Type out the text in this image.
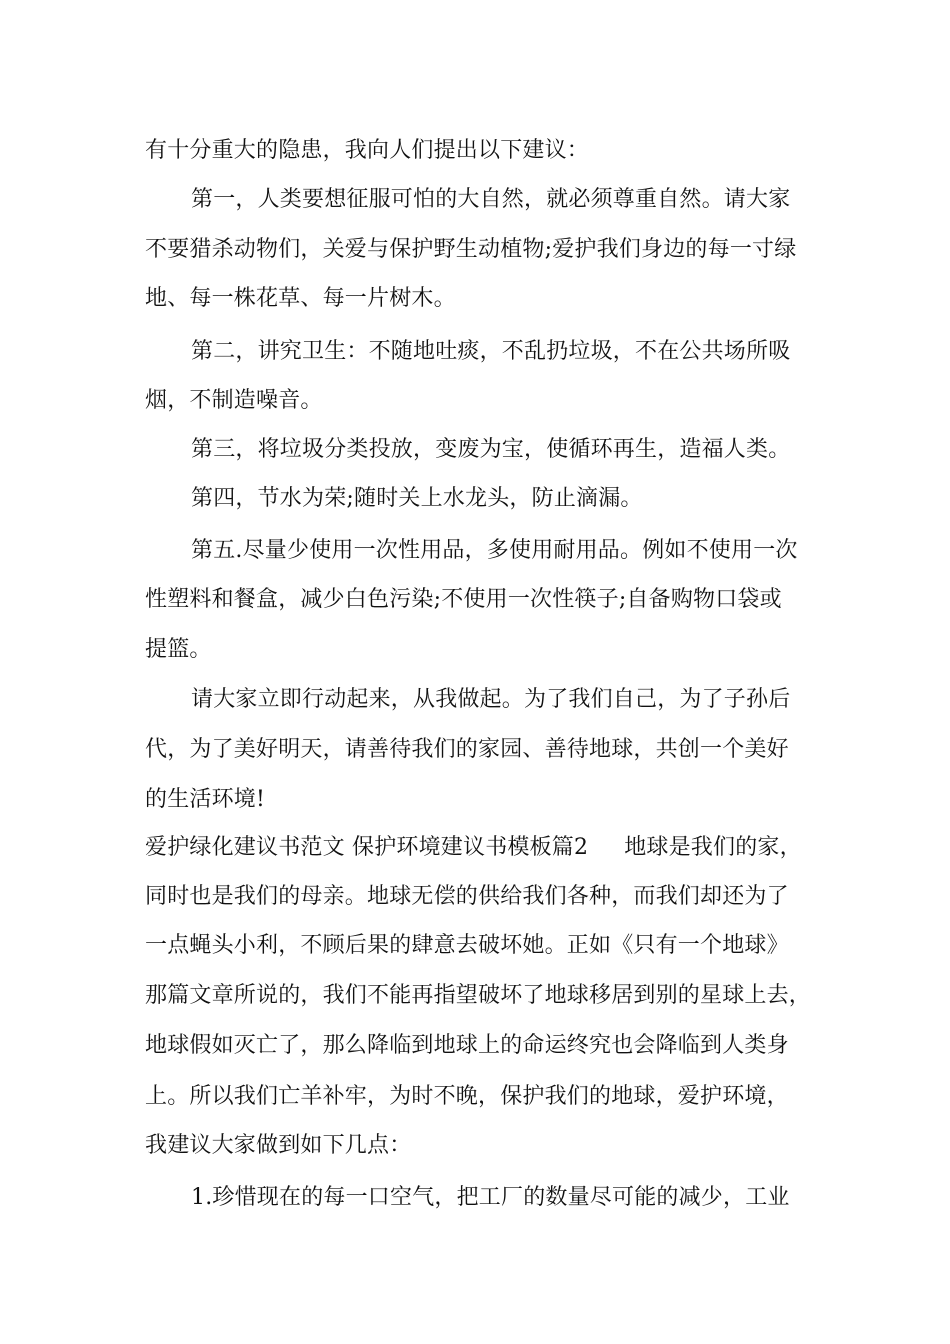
有十分重大的隐患，我向人们提出以下建议：
第一，人类要想征服可怕的大自然，就必须尊重自然。请大家
不要猎杀动物们，关爱与保护野生动植物;爱护我们身边的每一寸绿
地、每一株花草、每一片树木。
第二，讲究卫生：不随地吐痰，不乱扔垃圾，不在公共场所吸
烟，不制造噪音。
第三，将垃圾分类投放，变废为宝，使循环再生，造福人类。
第四，节水为荣;随时关上水龙头，防止滴漏。
第五.尽量少使用一次性用品，多使用耐用品。例如不使用一次
性塑料和餐盒，减少白色污染;不使用一次性筷子;自备购物口袋或
提篮。
请大家立即行动起来，从我做起。为了我们自己，为了子孙后
代，为了美好明天，请善待我们的家园、善待地球，共创一个美好
的生活环境!
爱护绿化建议书范文 保护环境建议书模板篇2 地球是我们的家，
同时也是我们的母亲。地球无偿的供给我们各种，而我们却还为了
一点蝇头小利，不顾后果的肆意去破坏她。正如《只有一个地球》
那篇文章所说的，我们不能再指望破坏了地球移居到别的星球上去，
地球假如灭亡了，那么降临到地球上的命运终究也会降临到人类身
上。所以我们亡羊补牢，为时不晚，保护我们的地球，爱护环境，
我建议大家做到如下几点：
1.珍惜现在的每一口空气，把工厂的数量尽可能的减少，工业
